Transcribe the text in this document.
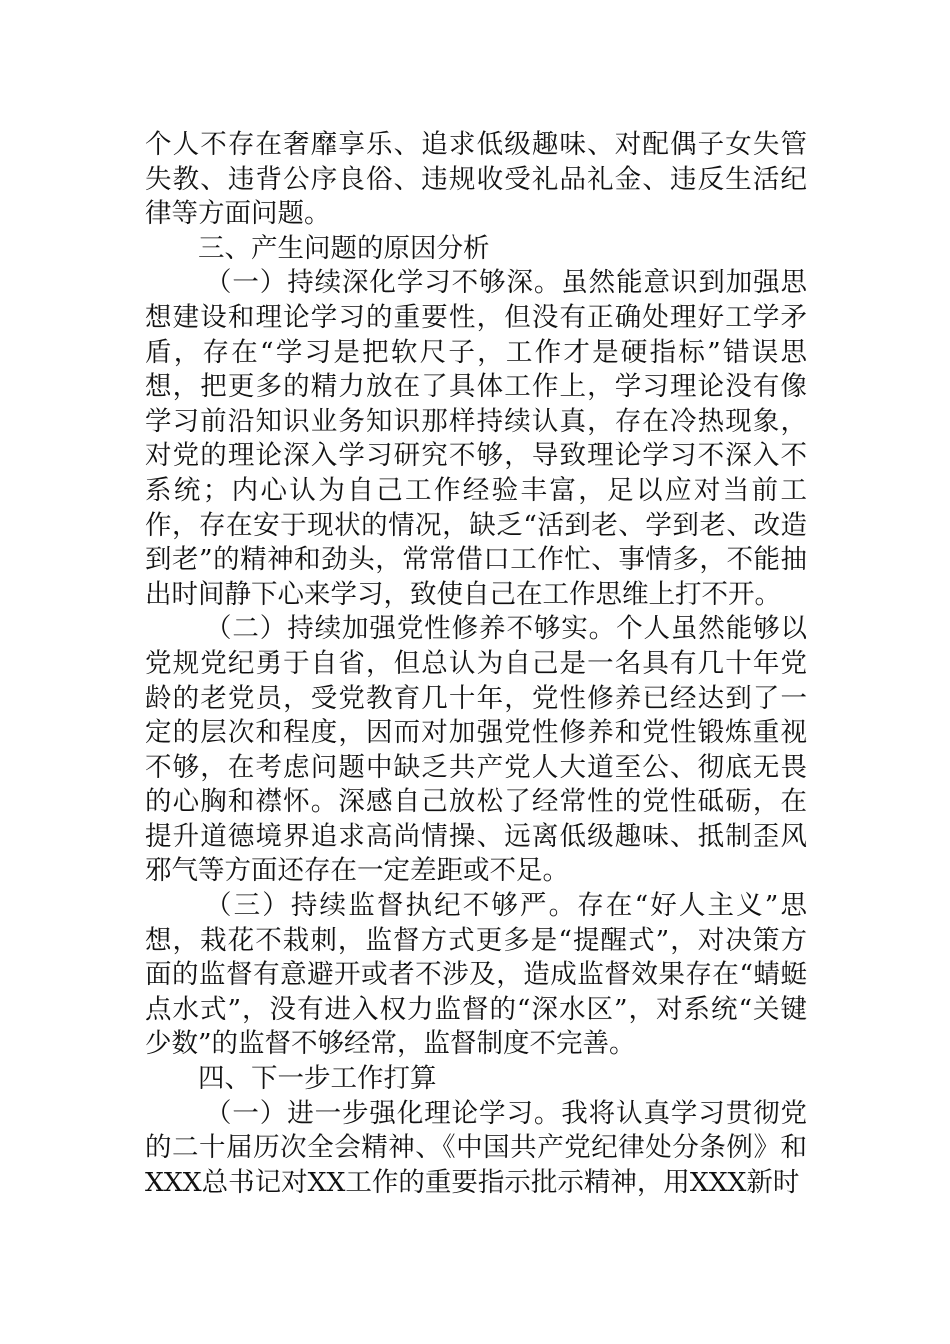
个人不存在奢靡享乐、追求低级趣味、对配偶子女失管失教、违背公序良俗、违规收受礼品礼金、违反生活纪律等方面问题。

三、产生问题的原因分析

（一）持续深化学习不够深。虽然能意识到加强思想建设和理论学习的重要性，但没有正确处理好工学矛盾，存在“学习是把软尺子，工作才是硬指标”错误思想，把更多的精力放在了具体工作上，学习理论没有像学习前沿知识业务知识那样持续认真，存在冷热现象，对党的理论深入学习研究不够，导致理论学习不深入不系统；内心认为自己工作经验丰富，足以应对当前工作，存在安于现状的情况，缺乏“活到老、学到老、改造到老”的精神和劲头，常常借口工作忙、事情多，不能抽出时间静下心来学习，致使自己在工作思维上打不开。

（二）持续加强党性修养不够实。个人虽然能够以党规党纪勇于自省，但总认为自己是一名具有几十年党龄的老党员，受党教育几十年，党性修养已经达到了一定的层次和程度，因而对加强党性修养和党性锻炼重视不够，在考虑问题中缺乏共产党人大道至公、彻底无畏的心胸和襟怀。深感自己放松了经常性的党性砥砺，在提升道德境界追求高尚情操、远离低级趣味、抵制歪风邪气等方面还存在一定差距或不足。

（三）持续监督执纪不够严。存在“好人主义”思想，栽花不栽刺，监督方式更多是“提醒式”，对决策方面的监督有意避开或者不涉及，造成监督效果存在“蜻蜓点水式”，没有进入权力监督的“深水区”，对系统“关键少数”的监督不够经常，监督制度不完善。

四、下一步工作打算

（一）进一步强化理论学习。我将认真学习贯彻党的二十届历次全会精神、《中国共产党纪律处分条例》和XXX总书记对XX工作的重要指示批示精神，用XXX新时
